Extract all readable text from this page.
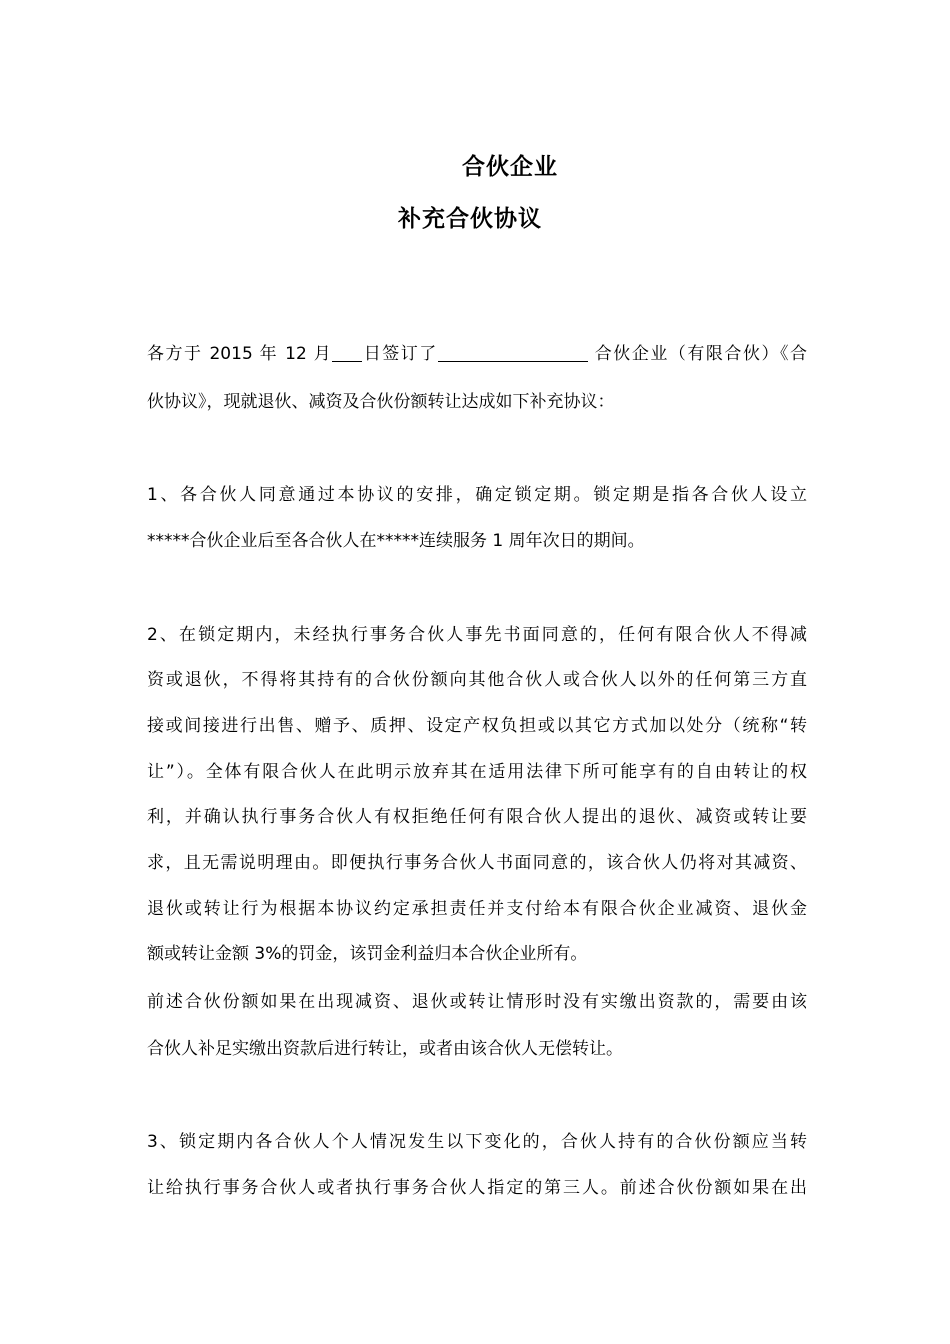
合伙企业
补充合伙协议

各方于 2015 年 12 月 日签订了	合伙企业（有限合伙）《合

伙协议》，现就退伙、减资及合伙份额转让达成如下补充协议：

1、各合伙人同意通过本协议的安排，确定锁定期。锁定期是指各合伙人设立

*****合伙企业后至各合伙人在*****连续服务 1 周年次日的期间。

2、在锁定期内，未经执行事务合伙人事先书面同意的，任何有限合伙人不得减

资或退伙，不得将其持有的合伙份额向其他合伙人或合伙人以外的任何第三方直

接或间接进行出售、赠予、质押、设定产权负担或以其它方式加以处分（统称“转

让”）。全体有限合伙人在此明示放弃其在适用法律下所可能享有的自由转让的权

利，并确认执行事务合伙人有权拒绝任何有限合伙人提出的退伙、减资或转让要

求，且无需说明理由。即便执行事务合伙人书面同意的，该合伙人仍将对其减资、

退伙或转让行为根据本协议约定承担责任并支付给本有限合伙企业减资、退伙金

额或转让金额 3%的罚金，该罚金利益归本合伙企业所有。

前述合伙份额如果在出现减资、退伙或转让情形时没有实缴出资款的，需要由该

合伙人补足实缴出资款后进行转让，或者由该合伙人无偿转让。

3、锁定期内各合伙人个人情况发生以下变化的，合伙人持有的合伙份额应当转

让给执行事务合伙人或者执行事务合伙人指定的第三人。前述合伙份额如果在出
